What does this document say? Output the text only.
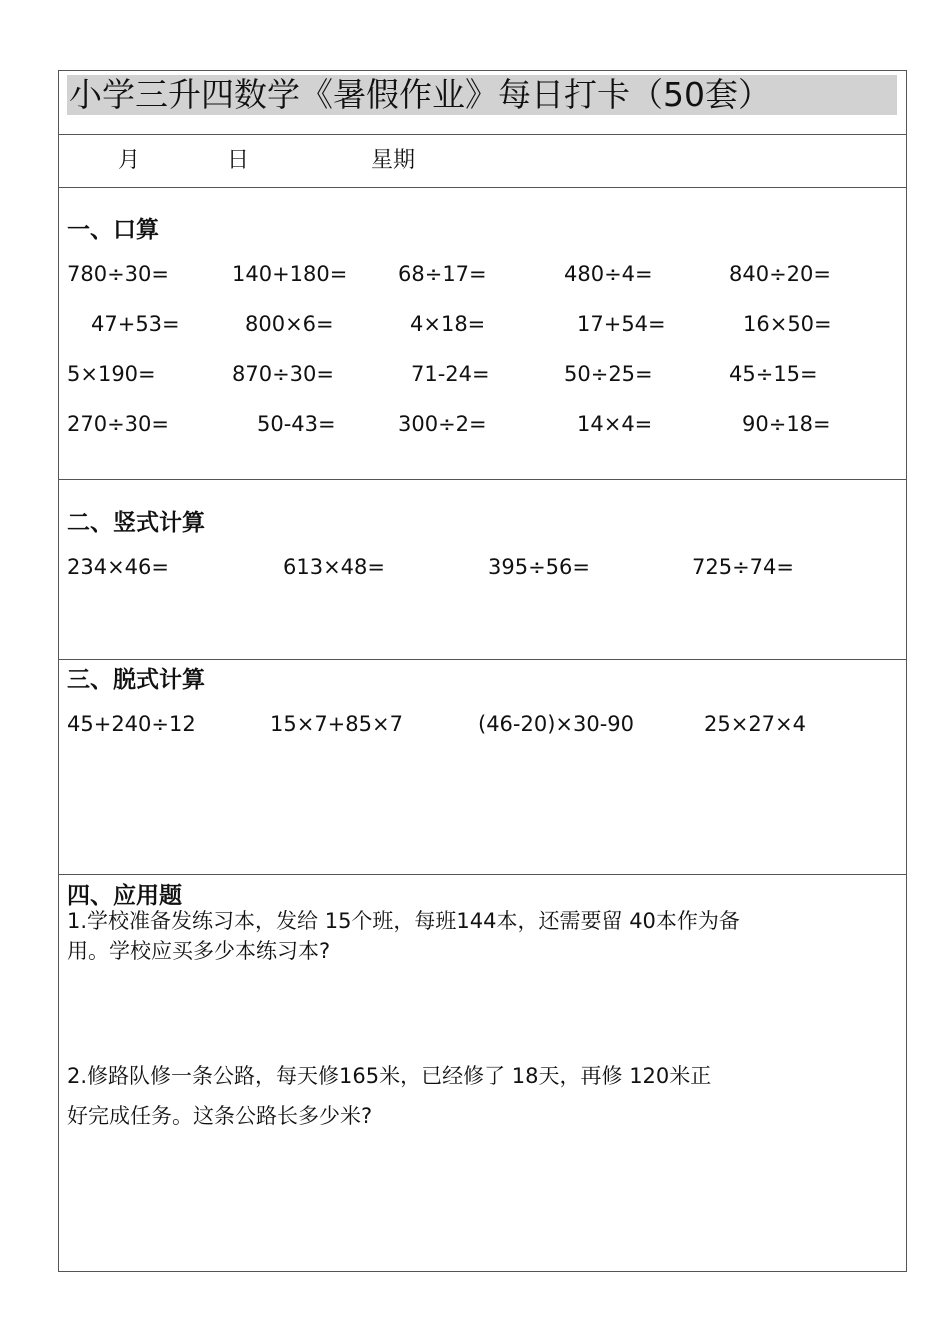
小学三升四数学《暑假作业》每日打卡（50套）
月	日	星期
一、口算
780÷30=	140+180= 68÷17=	480÷4=	840÷20=
47+53=	800×6=	4×18=	17+54=	16×50=
5×190=	870÷30=	71-24=	50÷25=	45÷15=
270÷30=	50-43=	300÷2=	14×4=	90÷18=
二、竖式计算
234×46=	613×48=	395÷56=	725÷74=
三、脱式计算
45+240÷12	15×7+85×7	(46-20)×30-90	25×27×4
四、应用题
1.学校准备发练习本，发给 15个班，每班144本，还需要留 40本作为备
用。学校应买多少本练习本?
2.修路队修一条公路，每天修165米，已经修了 18天，再修 120米正
好完成任务。这条公路长多少米?
